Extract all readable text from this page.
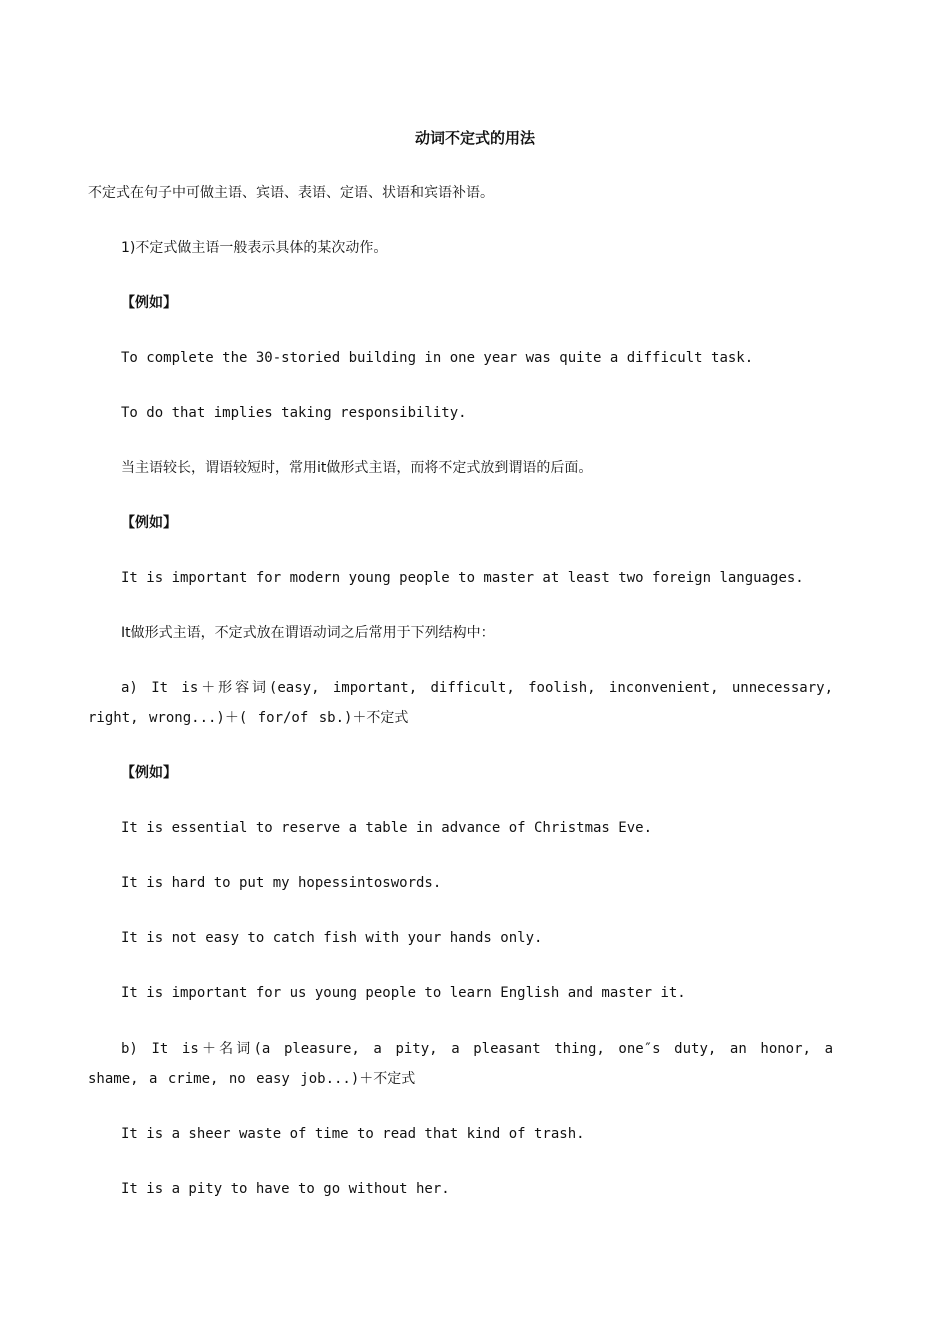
动词不定式的用法
不定式在句子中可做主语、宾语、表语、定语、状语和宾语补语。
1)不定式做主语一般表示具体的某次动作。
【例如】
To complete the 30-storied building in one year was quite a difficult task.
To do that implies taking responsibility.
当主语较长，谓语较短时，常用it做形式主语，而将不定式放到谓语的后面。
【例如】
It is important for modern young people to master at least two foreign languages.
It做形式主语，不定式放在谓语动词之后常用于下列结构中：
a) It is＋形容词(easy, important, difficult, foolish, inconvenient, unnecessary, right, wrong...)＋( for/of sb.)＋不定式
【例如】
It is essential to reserve a table in advance of Christmas Eve.
It is hard to put my hopessintoswords.
It is not easy to catch fish with your hands only.
It is important for us young people to learn English and master it.
b) It is＋名词(a pleasure, a pity, a pleasant thing, one″s duty, an honor, a shame, a crime, no easy job...)＋不定式
It is a sheer waste of time to read that kind of trash.
It is a pity to have to go without her.
